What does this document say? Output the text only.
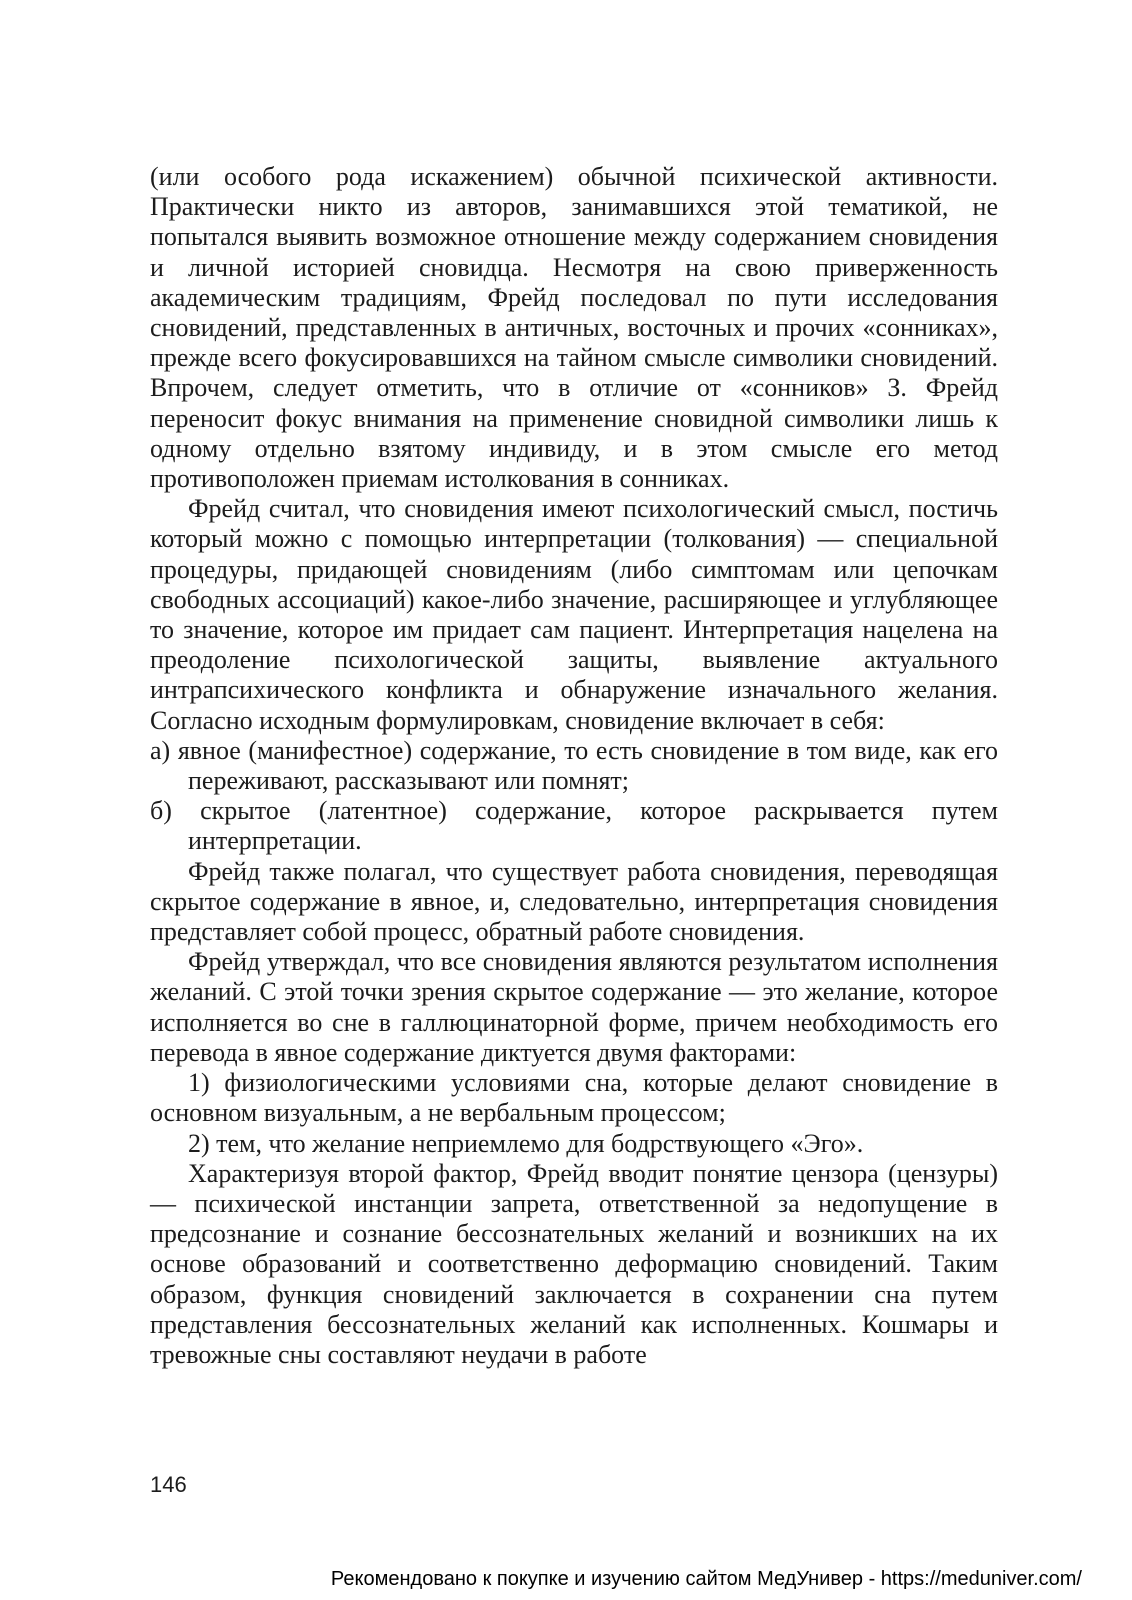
(или особого рода искажением) обычной психической активности. Практически никто из авторов, занимавшихся этой тематикой, не попытался выявить возможное отношение между содержанием сновидения и личной историей сновидца. Несмотря на свою приверженность академическим традициям, Фрейд последовал по пути исследования сновидений, представленных в античных, восточных и прочих «сонниках», прежде всего фокусировавшихся на тайном смысле символики сновидений. Впрочем, следует отметить, что в отличие от «сонников» З. Фрейд переносит фокус внимания на применение сновидной символики лишь к одному отдельно взятому индивиду, и в этом смысле его метод противоположен приемам истолкования в сонниках.

Фрейд считал, что сновидения имеют психологический смысл, постичь который можно с помощью интерпретации (толкования) — специальной процедуры, придающей сновидениям (либо симптомам или цепочкам свободных ассоциаций) какое-либо значение, расширяющее и углубляющее то значение, которое им придает сам пациент. Интерпретация нацелена на преодоление психологической защиты, выявление актуального интрапсихического конфликта и обнаружение изначального желания. Согласно исходным формулировкам, сновидение включает в себя:

а) явное (манифестное) содержание, то есть сновидение в том виде, как его переживают, рассказывают или помнят;

б) скрытое (латентное) содержание, которое раскрывается путем интерпретации.

Фрейд также полагал, что существует работа сновидения, переводящая скрытое содержание в явное, и, следовательно, интерпретация сновидения представляет собой процесс, обратный работе сновидения.

Фрейд утверждал, что все сновидения являются результатом исполнения желаний. С этой точки зрения скрытое содержание — это желание, которое исполняется во сне в галлюцинаторной форме, причем необходимость его перевода в явное содержание диктуется двумя факторами:

1) физиологическими условиями сна, которые делают сновидение в основном визуальным, а не вербальным процессом;

2) тем, что желание неприемлемо для бодрствующего «Эго».

Характеризуя второй фактор, Фрейд вводит понятие цензора (цензуры) — психической инстанции запрета, ответственной за недопущение в предсознание и сознание бессознательных желаний и возникших на их основе образований и соответственно деформацию сновидений. Таким образом, функция сновидений заключается в сохранении сна путем представления бессознательных желаний как исполненных. Кошмары и тревожные сны составляют неудачи в работе

146
Рекомендовано к покупке и изучению сайтом МедУнивер - https://meduniver.com/
